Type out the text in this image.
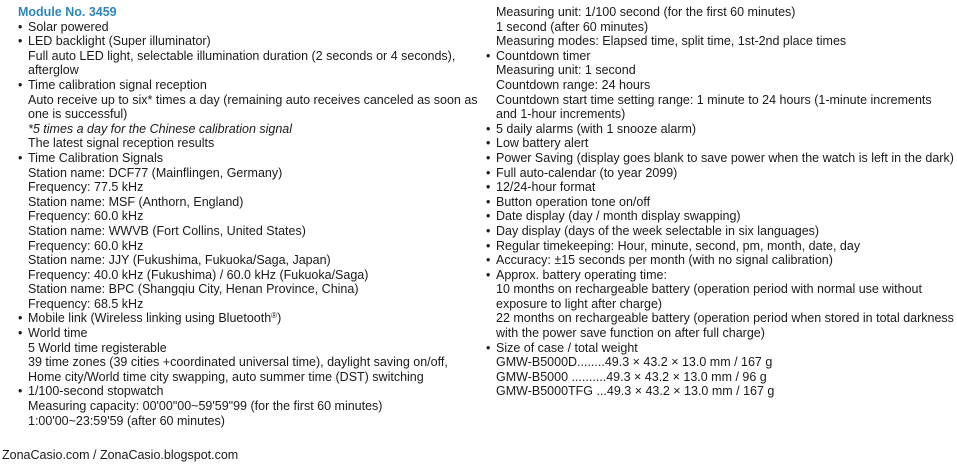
Module No. 3459
• Solar powered
• LED backlight (Super illuminator)
Full auto LED light, selectable illumination duration (2 seconds or 4 seconds),
afterglow
• Time calibration signal reception
Auto receive up to six* times a day (remaining auto receives canceled as soon as
one is successful)
*5 times a day for the Chinese calibration signal
The latest signal reception results
• Time Calibration Signals
Station name: DCF77 (Mainflingen, Germany)
Frequency: 77.5 kHz
Station name: MSF (Anthorn, England)
Frequency: 60.0 kHz
Station name: WWVB (Fort Collins, United States)
Frequency: 60.0 kHz
Station name: JJY (Fukushima, Fukuoka/Saga, Japan)
Frequency: 40.0 kHz (Fukushima) / 60.0 kHz (Fukuoka/Saga)
Station name: BPC (Shangqiu City, Henan Province, China)
Frequency: 68.5 kHz
• Mobile link (Wireless linking using Bluetooth®)
• World time
5 World time registerable
39 time zones (39 cities +coordinated universal time), daylight saving on/off,
Home city/World time city swapping, auto summer time (DST) switching
• 1/100-second stopwatch
Measuring capacity: 00'00"00~59'59"99 (for the first 60 minutes)
1:00'00~23:59'59 (after 60 minutes)
Measuring unit: 1/100 second (for the first 60 minutes)
1 second (after 60 minutes)
Measuring modes: Elapsed time, split time, 1st-2nd place times
• Countdown timer
Measuring unit: 1 second
Countdown range: 24 hours
Countdown start time setting range: 1 minute to 24 hours (1-minute increments
and 1-hour increments)
• 5 daily alarms (with 1 snooze alarm)
• Low battery alert
• Power Saving (display goes blank to save power when the watch is left in the dark)
• Full auto-calendar (to year 2099)
• 12/24-hour format
• Button operation tone on/off
• Date display (day / month display swapping)
• Day display (days of the week selectable in six languages)
• Regular timekeeping: Hour, minute, second, pm, month, date, day
• Accuracy: ±15 seconds per month (with no signal calibration)
• Approx. battery operating time:
10 months on rechargeable battery (operation period with normal use without
exposure to light after charge)
22 months on rechargeable battery (operation period when stored in total darkness
with the power save function on after full charge)
• Size of case / total weight
GMW-B5000D........49.3 × 43.2 × 13.0 mm / 167 g
GMW-B5000 ..........49.3 × 43.2 × 13.0 mm / 96 g
GMW-B5000TFG ...49.3 × 43.2 × 13.0 mm / 167 g
ZonaCasio.com / ZonaCasio.blogspot.com
